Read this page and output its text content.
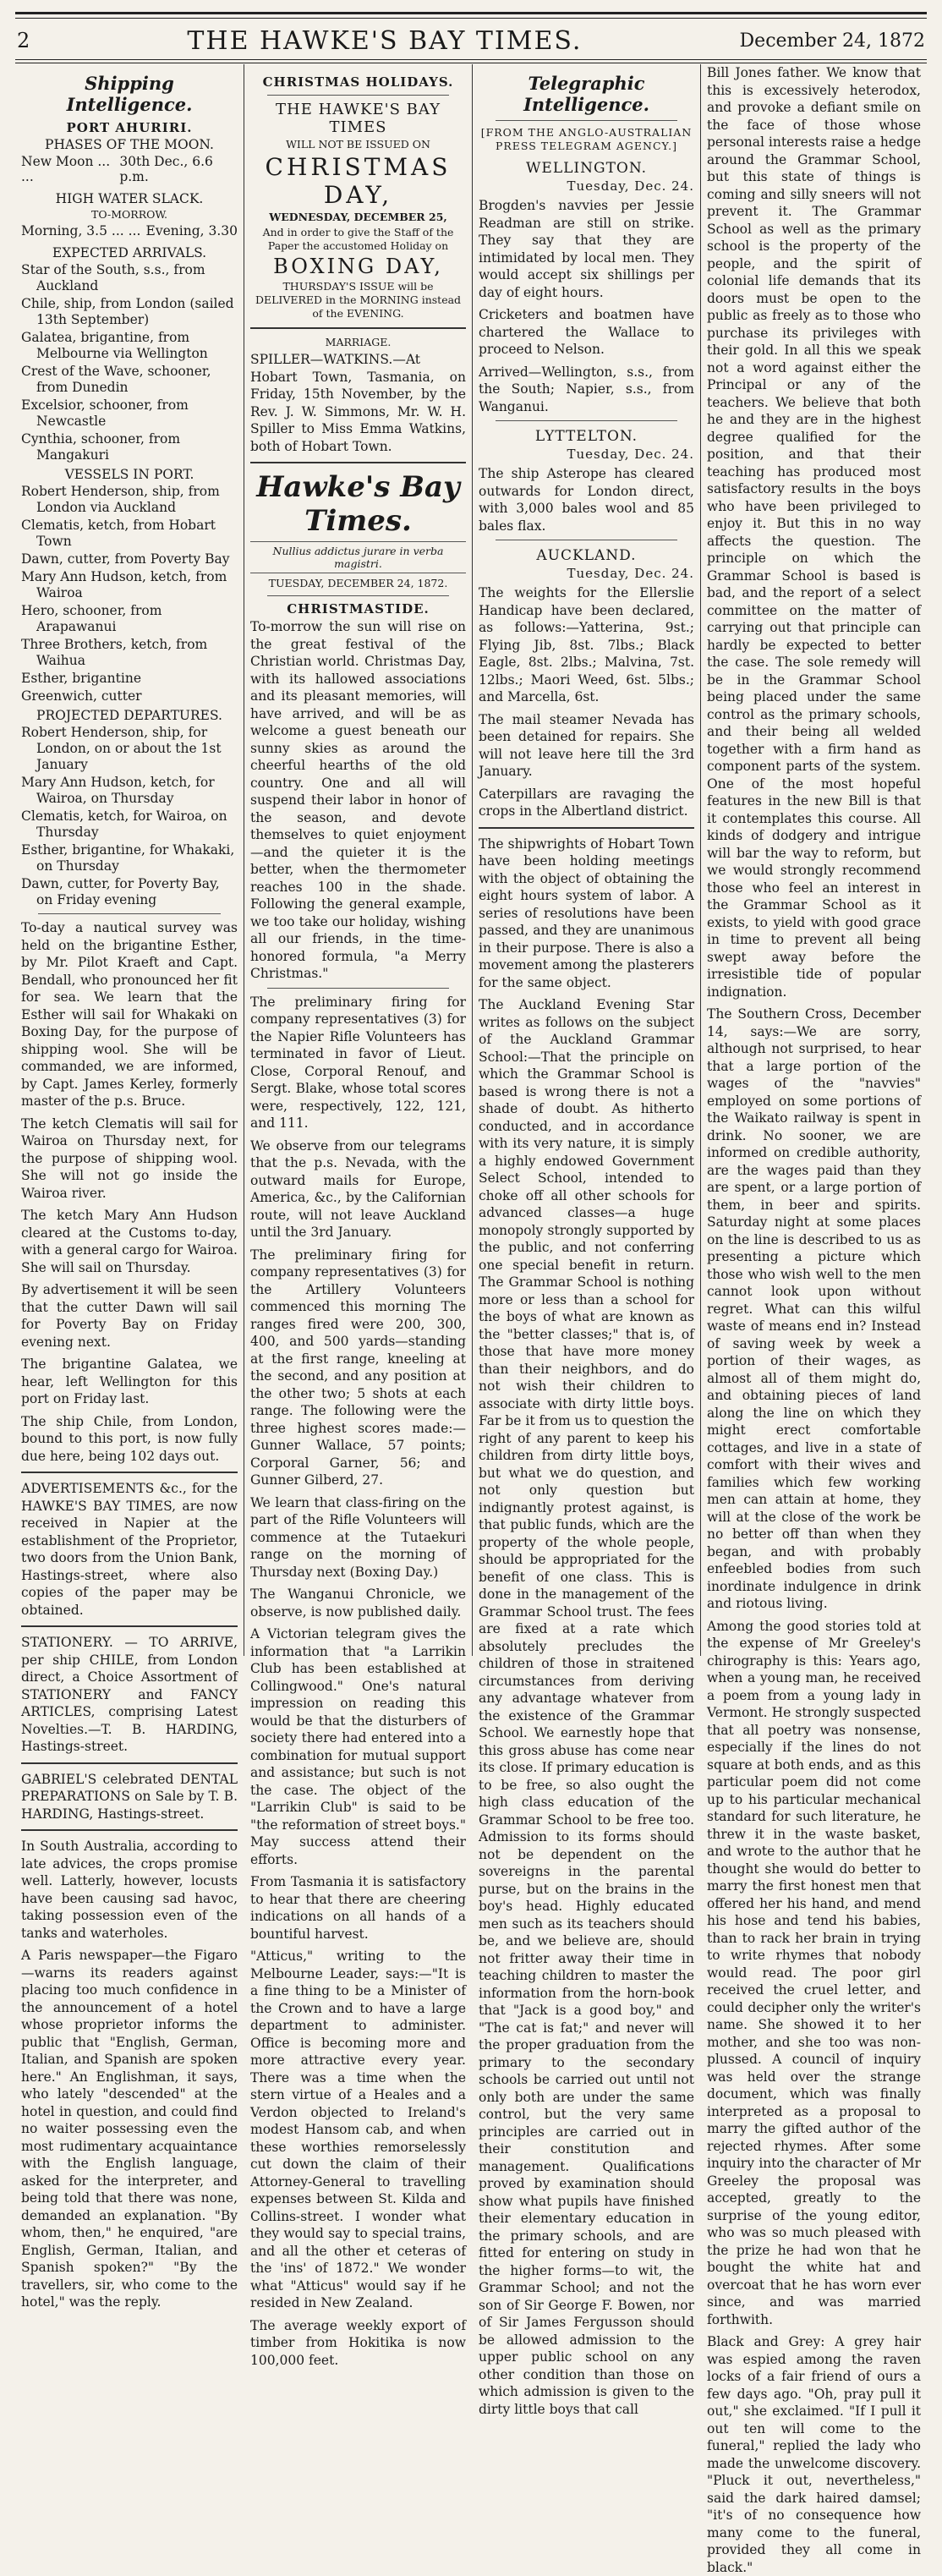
2	THE HAWKE'S BAY TIMES.	December 24, 1872
Shipping Intelligence.
PORT AHURIRI.
PHASES OF THE MOON.
New Moon ... ...
30th Dec., 6.6 p.m.
HIGH WATER SLACK.
TO-MORROW.
Morning, 3.5 ... ... Evening, 3.30
EXPECTED ARRIVALS.
Star of the South, s.s., from Auckland
Chile, ship, from London (sailed 13th September)
Galatea, brigantine, from Melbourne via Wellington
Crest of the Wave, schooner, from Dunedin
Excelsior, schooner, from Newcastle
Cynthia, schooner, from Mangakuri
VESSELS IN PORT.
Robert Henderson, ship, from London via Auckland
Clematis, ketch, from Hobart Town
Dawn, cutter, from Poverty Bay
Mary Ann Hudson, ketch, from Wairoa
Hero, schooner, from Arapawanui
Three Brothers, ketch, from Waihua
Esther, brigantine
Greenwich, cutter
PROJECTED DEPARTURES.
Robert Henderson, ship, for London, on or about the 1st January
Mary Ann Hudson, ketch, for Wairoa, on Thursday
Clematis, ketch, for Wairoa, on Thursday
Esther, brigantine, for Whakaki, on Thursday
Dawn, cutter, for Poverty Bay, on Friday evening

To-day a nautical survey was held on the brigantine Esther, by Mr. Pilot Kraeft and Capt. Bendall, who pronounced her fit for sea. We learn that the Esther will sail for Whakaki on Boxing Day, for the purpose of shipping wool. She will be commanded, we are informed, by Capt. James Kerley, formerly master of the p.s. Bruce.

The ketch Clematis will sail for Wairoa on Thursday next, for the purpose of shipping wool. She will not go inside the Wairoa river.

The ketch Mary Ann Hudson cleared at the Customs to-day, with a general cargo for Wairoa. She will sail on Thursday.

By advertisement it will be seen that the cutter Dawn will sail for Poverty Bay on Friday evening next.

The brigantine Galatea, we hear, left Wellington for this port on Friday last.

The ship Chile, from London, bound to this port, is now fully due here, being 102 days out.

ADVERTISEMENTS &c., for the HAWKE'S BAY TIMES, are now received in Napier at the establishment of the Proprietor, two doors from the Union Bank, Hastings-street, where also copies of the paper may be obtained.

STATIONERY. — TO ARRIVE, per ship CHILE, from London direct, a Choice Assortment of STATIONERY and FANCY ARTICLES, comprising Latest Novelties.—T. B. HARDING, Hastings-street.

GABRIEL'S celebrated DENTAL PREPARATIONS on Sale by T. B. HARDING, Hastings-street.

In South Australia, according to late advices, the crops promise well. Latterly, however, locusts have been causing sad havoc, taking possession even of the tanks and waterholes.

A Paris newspaper—the Figaro—warns its readers against placing too much confidence in the announcement of a hotel whose proprietor informs the public that "English, German, Italian, and Spanish are spoken here." An Englishman, it says, who lately "descended" at the hotel in question, and could find no waiter possessing even the most rudimentary acquaintance with the English language, asked for the interpreter, and being told that there was none, demanded an explanation. "By whom, then," he enquired, "are English, German, Italian, and Spanish spoken?" "By the travellers, sir, who come to the hotel," was the reply.

CHRISTMAS HOLIDAYS.
THE HAWKE'S BAY TIMES
WILL NOT BE ISSUED ON
CHRISTMAS DAY,
WEDNESDAY, DECEMBER 25,
And in order to give the Staff of the Paper the accustomed Holiday on
BOXING DAY,
THURSDAY'S ISSUE will be DELIVERED in the MORNING instead of the EVENING.
MARRIAGE.

SPILLER—WATKINS.—At Hobart Town, Tasmania, on Friday, 15th November, by the Rev. J. W. Simmons, Mr. W. H. Spiller to Miss Emma Watkins, both of Hobart Town.

Hawke's Bay Times.
Nullius addictus jurare in verba magistri.
TUESDAY, DECEMBER 24, 1872.
CHRISTMASTIDE.

To-morrow the sun will rise on the great festival of the Christian world. Christmas Day, with its hallowed associations and its pleasant memories, will have arrived, and will be as welcome a guest beneath our sunny skies as around the cheerful hearths of the old country. One and all will suspend their labor in honor of the season, and devote themselves to quiet enjoyment—and the quieter it is the better, when the thermometer reaches 100 in the shade. Following the general example, we too take our holiday, wishing all our friends, in the time-honored formula, "a Merry Christmas."

The preliminary firing for company representatives (3) for the Napier Rifle Volunteers has terminated in favor of Lieut. Close, Corporal Renouf, and Sergt. Blake, whose total scores were, respectively, 122, 121, and 111.

We observe from our telegrams that the p.s. Nevada, with the outward mails for Europe, America, &c., by the Californian route, will not leave Auckland until the 3rd January.

The preliminary firing for company representatives (3) for the Artillery Volunteers commenced this morning The ranges fired were 200, 300, 400, and 500 yards—standing at the first range, kneeling at the second, and any position at the other two; 5 shots at each range. The following were the three highest scores made:—Gunner Wallace, 57 points; Corporal Garner, 56; and Gunner Gilberd, 27.

We learn that class-firing on the part of the Rifle Volunteers will commence at the Tutaekuri range on the morning of Thursday next (Boxing Day.)

The Wanganui Chronicle, we observe, is now published daily.

A Victorian telegram gives the information that "a Larrikin Club has been established at Collingwood." One's natural impression on reading this would be that the disturbers of society there had entered into a combination for mutual support and assistance; but such is not the case. The object of the "Larrikin Club" is said to be "the reformation of street boys." May success attend their efforts.

From Tasmania it is satisfactory to hear that there are cheering indications on all hands of a bountiful harvest.

"Atticus," writing to the Melbourne Leader, says:—"It is a fine thing to be a Minister of the Crown and to have a large department to administer. Office is becoming more and more attractive every year. There was a time when the stern virtue of a Heales and a Verdon objected to Ireland's modest Hansom cab, and when these worthies remorselessly cut down the claim of their Attorney-General to travelling expenses between St. Kilda and Collins-street. I wonder what they would say to special trains, and all the other et ceteras of the 'ins' of 1872." We wonder what "Atticus" would say if he resided in New Zealand.

The average weekly export of timber from Hokitika is now 100,000 feet.

Telegraphic Intelligence.
[FROM THE ANGLO-AUSTRALIAN PRESS TELEGRAM AGENCY.]
WELLINGTON.
Tuesday, Dec. 24.

Brogden's navvies per Jessie Readman are still on strike. They say that they are intimidated by local men. They would accept six shillings per day of eight hours.

Cricketers and boatmen have chartered the Wallace to proceed to Nelson.

Arrived—Wellington, s.s., from the South; Napier, s.s., from Wanganui.

LYTTELTON.
Tuesday, Dec. 24.

The ship Asterope has cleared outwards for London direct, with 3,000 bales wool and 85 bales flax.

AUCKLAND.
Tuesday, Dec. 24.

The weights for the Ellerslie Handicap have been declared, as follows:—Yatterina, 9st.; Flying Jib, 8st. 7lbs.; Black Eagle, 8st. 2lbs.; Malvina, 7st. 12lbs.; Maori Weed, 6st. 5lbs.; and Marcella, 6st.

The mail steamer Nevada has been detained for repairs. She will not leave here till the 3rd January.

Caterpillars are ravaging the crops in the Albertland district.

The shipwrights of Hobart Town have been holding meetings with the object of obtaining the eight hours system of labor. A series of resolutions have been passed, and they are unanimous in their purpose. There is also a movement among the plasterers for the same object.

The Auckland Evening Star writes as follows on the subject of the Auckland Grammar School:—That the principle on which the Grammar School is based is wrong there is not a shade of doubt. As hitherto conducted, and in accordance with its very nature, it is simply a highly endowed Government Select School, intended to choke off all other schools for advanced classes—a huge monopoly strongly supported by the public, and not conferring one special benefit in return. The Grammar School is nothing more or less than a school for the boys of what are known as the "better classes;" that is, of those that have more money than their neighbors, and do not wish their children to associate with dirty little boys. Far be it from us to question the right of any parent to keep his children from dirty little boys, but what we do question, and not only question but indignantly protest against, is that public funds, which are the property of the whole people, should be appropriated for the benefit of one class. This is done in the management of the Grammar School trust. The fees are fixed at a rate which absolutely precludes the children of those in straitened circumstances from deriving any advantage whatever from the existence of the Grammar School. We earnestly hope that this gross abuse has come near its close. If primary education is to be free, so also ought the high class education of the Grammar School to be free too. Admission to its forms should not be dependent on the sovereigns in the parental purse, but on the brains in the boy's head. Highly educated men such as its teachers should be, and we believe are, should not fritter away their time in teaching children to master the information from the horn-book that "Jack is a good boy," and "The cat is fat;" and never will the proper graduation from the primary to the secondary schools be carried out until not only both are under the same control, but the very same principles are carried out in their constitution and management. Qualifications proved by examination should show what pupils have finished their elementary education in the primary schools, and are fitted for entering on study in the higher forms—to wit, the Grammar School; and not the son of Sir George F. Bowen, nor of Sir James Fergusson should be allowed admission to the upper public school on any other condition than those on which admission is given to the dirty little boys that call

Bill Jones father. We know that this is excessively heterodox, and provoke a defiant smile on the face of those whose personal interests raise a hedge around the Grammar School, but this state of things is coming and silly sneers will not prevent it. The Grammar School as well as the primary school is the property of the people, and the spirit of colonial life demands that its doors must be open to the public as freely as to those who purchase its privileges with their gold. In all this we speak not a word against either the Principal or any of the teachers. We believe that both he and they are in the highest degree qualified for the position, and that their teaching has produced most satisfactory results in the boys who have been privileged to enjoy it. But this in no way affects the question. The principle on which the Grammar School is based is bad, and the report of a select committee on the matter of carrying out that principle can hardly be expected to better the case. The sole remedy will be in the Grammar School being placed under the same control as the primary schools, and their being all welded together with a firm hand as component parts of the system. One of the most hopeful features in the new Bill is that it contemplates this course. All kinds of dodgery and intrigue will bar the way to reform, but we would strongly recommend those who feel an interest in the Grammar School as it exists, to yield with good grace in time to prevent all being swept away before the irresistible tide of popular indignation.

The Southern Cross, December 14, says:—We are sorry, although not surprised, to hear that a large portion of the wages of the "navvies" employed on some portions of the Waikato railway is spent in drink. No sooner, we are informed on credible authority, are the wages paid than they are spent, or a large portion of them, in beer and spirits. Saturday night at some places on the line is described to us as presenting a picture which those who wish well to the men cannot look upon without regret. What can this wilful waste of means end in? Instead of saving week by week a portion of their wages, as almost all of them might do, and obtaining pieces of land along the line on which they might erect comfortable cottages, and live in a state of comfort with their wives and families which few working men can attain at home, they will at the close of the work be no better off than when they began, and with probably enfeebled bodies from such inordinate indulgence in drink and riotous living.

Among the good stories told at the expense of Mr Greeley's chirography is this: Years ago, when a young man, he received a poem from a young lady in Vermont. He strongly suspected that all poetry was nonsense, especially if the lines do not square at both ends, and as this particular poem did not come up to his particular mechanical standard for such literature, he threw it in the waste basket, and wrote to the author that he thought she would do better to marry the first honest men that offered her his hand, and mend his hose and tend his babies, than to rack her brain in trying to write rhymes that nobody would read. The poor girl received the cruel letter, and could decipher only the writer's name. She showed it to her mother, and she too was non-plussed. A council of inquiry was held over the strange document, which was finally interpreted as a proposal to marry the gifted author of the rejected rhymes. After some inquiry into the character of Mr Greeley the proposal was accepted, greatly to the surprise of the young editor, who was so much pleased with the prize he had won that he bought the white hat and overcoat that he has worn ever since, and was married forthwith.

Black and Grey: A grey hair was espied among the raven locks of a fair friend of ours a few days ago. "Oh, pray pull it out," she exclaimed. "If I pull it out ten will come to the funeral," replied the lady who made the unwelcome discovery. "Pluck it out, nevertheless," said the dark haired damsel; "it's of no consequence how many come to the funeral, provided they all come in black."
